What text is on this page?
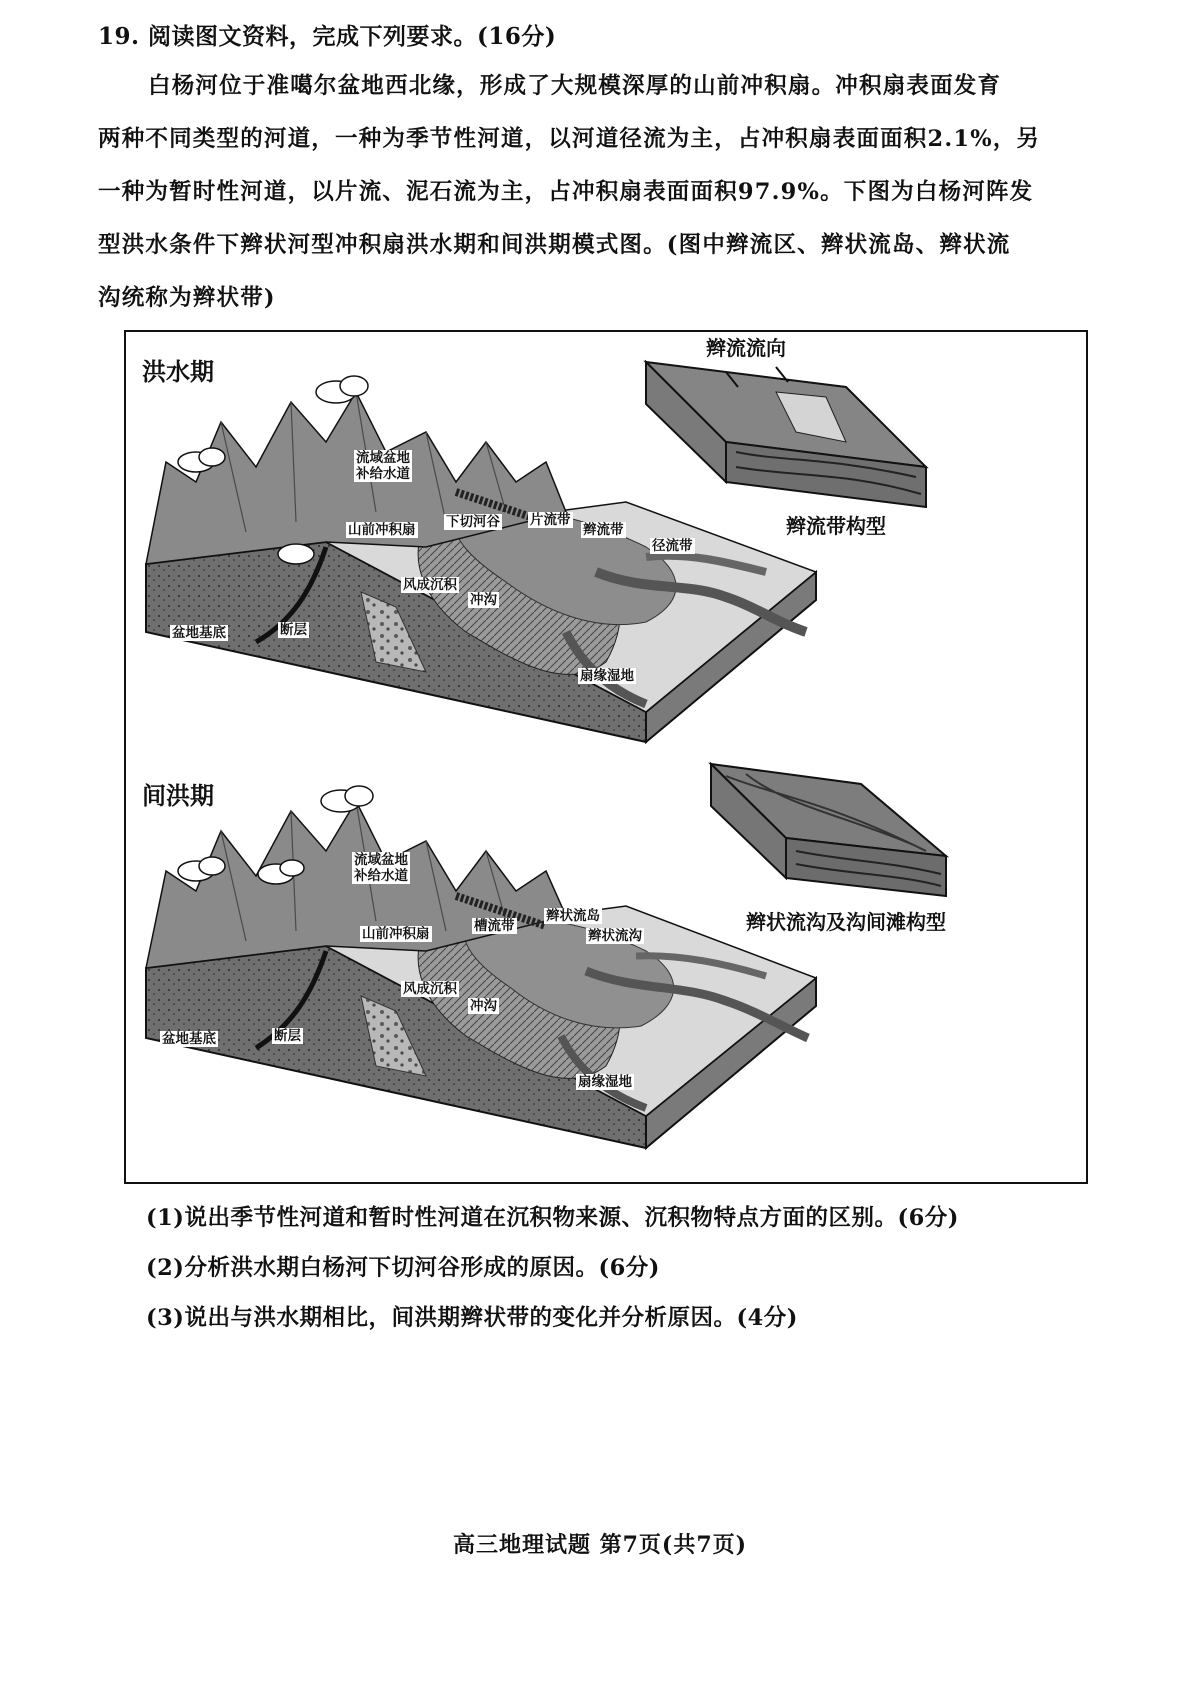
19. 阅读图文资料，完成下列要求。(16分)
白杨河位于准噶尔盆地西北缘，形成了大规模深厚的山前冲积扇。冲积扇表面发育
两种不同类型的河道，一种为季节性河道，以河道径流为主，占冲积扇表面面积2.1%，另
一种为暂时性河道，以片流、泥石流为主，占冲积扇表面面积97.9%。下图为白杨河阵发
型洪水条件下辫状河型冲积扇洪水期和间洪期模式图。(图中辫流区、辫状流岛、辫状流
沟统称为辫状带)
洪水期
流域盆地
补给水道
山前冲积扇 下切河谷 片流带
辫流带
径流带
风成沉积
冲沟
盆地基底	断层
扇缘湿地
辫流流向
辫流带构型
间洪期
流域盆地
补给水道
山前冲积扇	槽流带
辫状流岛
辫状流沟
风成沉积
冲沟
盆地基底	断层
扇缘湿地
辫状流沟及沟间滩构型
(1)说出季节性河道和暂时性河道在沉积物来源、沉积物特点方面的区别。(6分)
(2)分析洪水期白杨河下切河谷形成的原因。(6分)
(3)说出与洪水期相比，间洪期辫状带的变化并分析原因。(4分)
高三地理试题 第7页(共7页)
